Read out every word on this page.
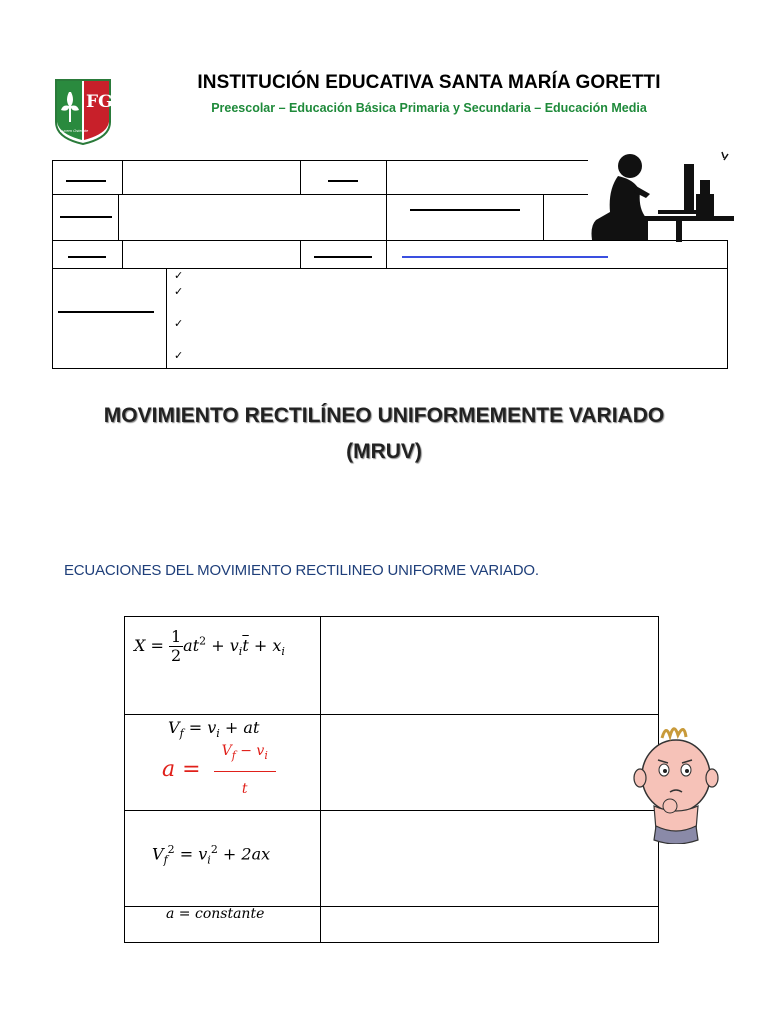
FG
Lucem Ostende
INSTITUCIÓN EDUCATIVA SANTA MARÍA GORETTI
Preescolar – Educación Básica Primaria y Secundaria – Educación Media
✓
✓
✓
✓
MOVIMIENTO RECTILÍNEO UNIFORMEMENTE VARIADO
(MRUV)
ECUACIONES DEL MOVIMIENTO RECTILINEO UNIFORME VARIADO.
$X = \frac{1}{2} at^2 + v_i\overline{t} + x_i$
$V_f = v_i$ + at
$a = \frac{V_f - v_i}{t}$
$V_f^2 = v_i^2 + 2ax$
a = constante
